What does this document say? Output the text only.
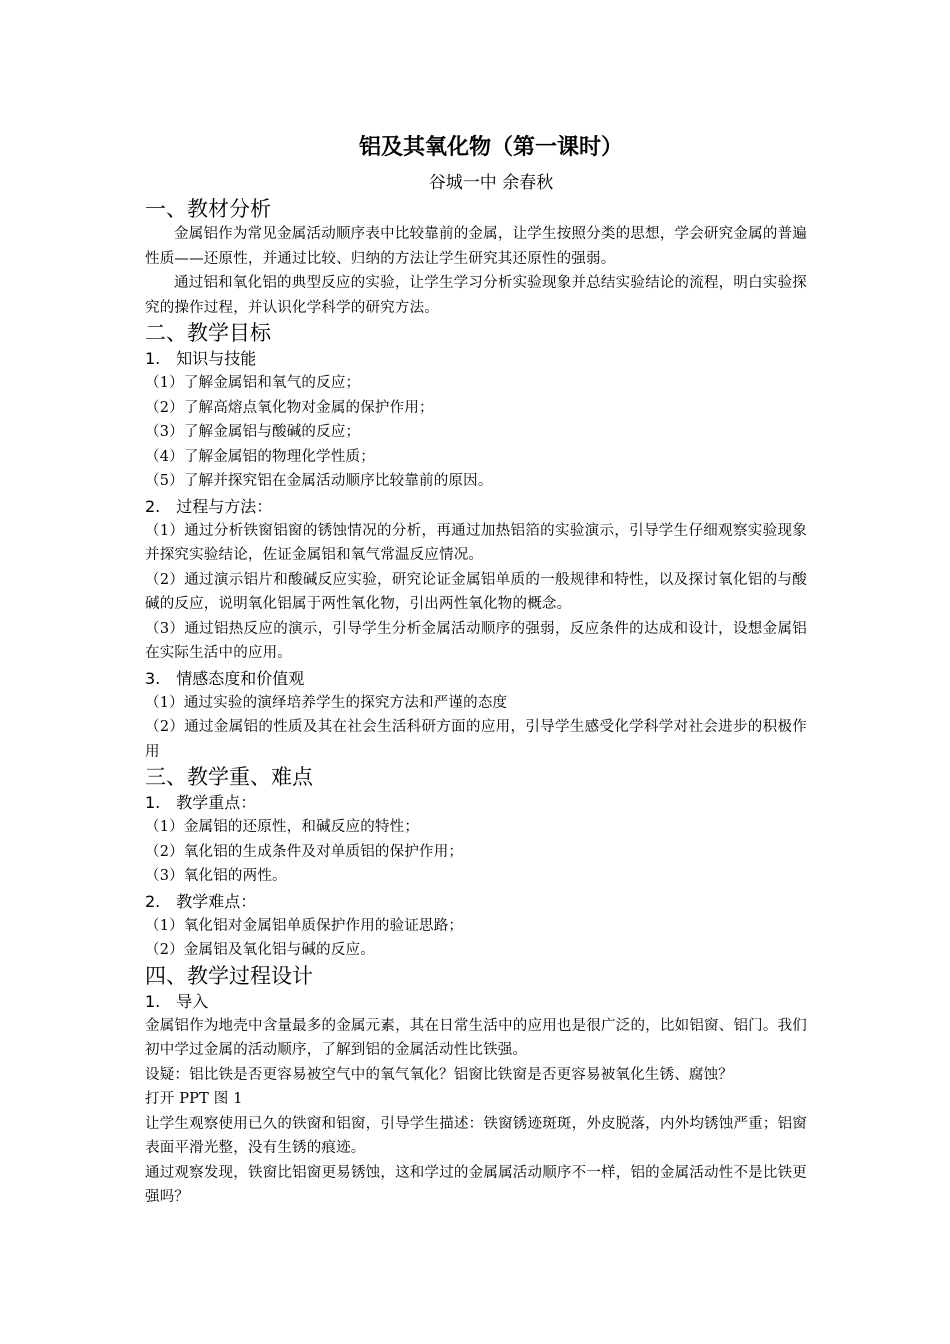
铝及其氧化物（第一课时）

谷城一中 余春秋

一、教材分析

金属铝作为常见金属活动顺序表中比较靠前的金属，让学生按照分类的思想，学会研究金属的普遍性质——还原性，并通过比较、归纳的方法让学生研究其还原性的强弱。

通过铝和氧化铝的典型反应的实验，让学生学习分析实验现象并总结实验结论的流程，明白实验探究的操作过程，并认识化学科学的研究方法。

二、教学目标

1.　知识与技能

（1）了解金属铝和氧气的反应；

（2）了解高熔点氧化物对金属的保护作用；

（3）了解金属铝与酸碱的反应；

（4）了解金属铝的物理化学性质；

（5）了解并探究铝在金属活动顺序比较靠前的原因。

2.　过程与方法：

（1）通过分析铁窗铝窗的锈蚀情况的分析，再通过加热铝箔的实验演示，引导学生仔细观察实验现象并探究实验结论，佐证金属铝和氧气常温反应情况。

（2）通过演示铝片和酸碱反应实验，研究论证金属铝单质的一般规律和特性，以及探讨氧化铝的与酸碱的反应，说明氧化铝属于两性氧化物，引出两性氧化物的概念。

（3）通过铝热反应的演示，引导学生分析金属活动顺序的强弱，反应条件的达成和设计，设想金属铝在实际生活中的应用。

3.　情感态度和价值观

（1）通过实验的演绎培养学生的探究方法和严谨的态度

（2）通过金属铝的性质及其在社会生活科研方面的应用，引导学生感受化学科学对社会进步的积极作用

三、教学重、难点

1.　教学重点：

（1）金属铝的还原性，和碱反应的特性；

（2）氧化铝的生成条件及对单质铝的保护作用；

（3）氧化铝的两性。

2.　教学难点：

（1）氧化铝对金属铝单质保护作用的验证思路；

（2）金属铝及氧化铝与碱的反应。

四、教学过程设计

1.　导入

金属铝作为地壳中含量最多的金属元素，其在日常生活中的应用也是很广泛的，比如铝窗、铝门。我们初中学过金属的活动顺序，了解到铝的金属活动性比铁强。

设疑：铝比铁是否更容易被空气中的氧气氧化？铝窗比铁窗是否更容易被氧化生锈、腐蚀？

打开 PPT 图 1

让学生观察使用已久的铁窗和铝窗，引导学生描述：铁窗锈迹斑斑，外皮脱落，内外均锈蚀严重；铝窗表面平滑光整，没有生锈的痕迹。

通过观察发现，铁窗比铝窗更易锈蚀，这和学过的金属属活动顺序不一样，铝的金属活动性不是比铁更强吗？
